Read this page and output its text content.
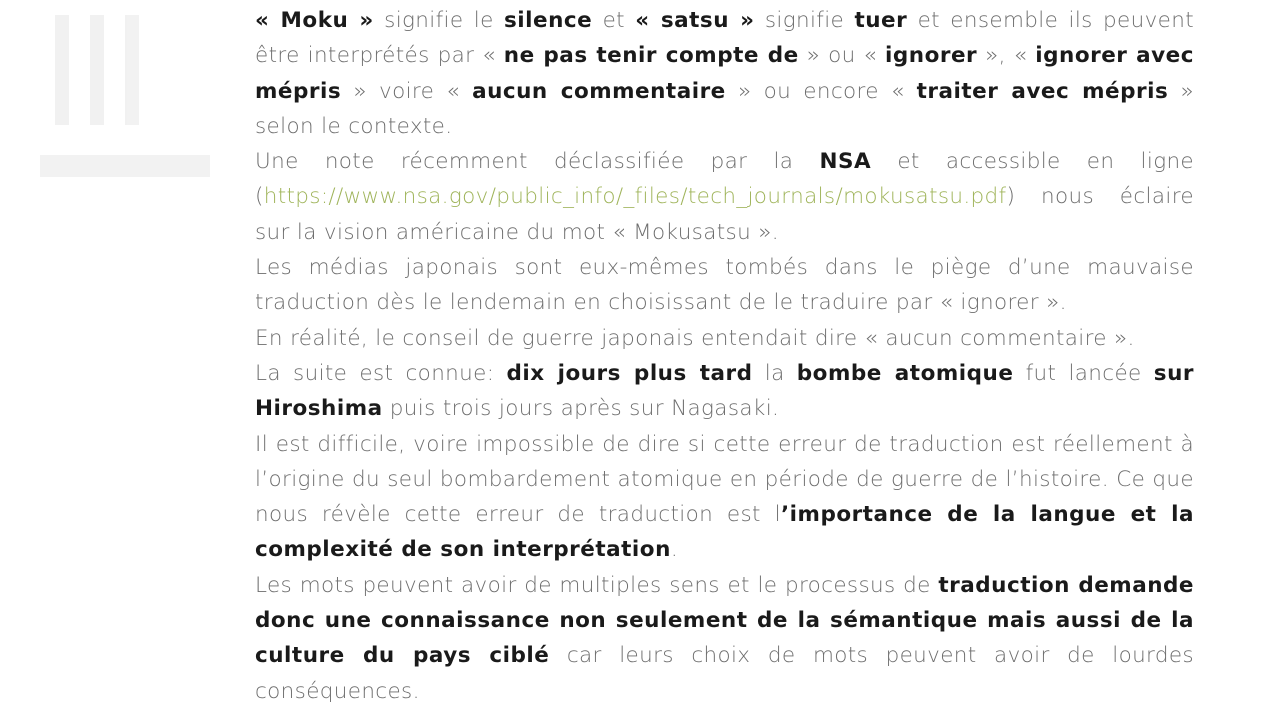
« Moku » signifie le silence et « satsu » signifie tuer et ensemble ils peuvent être interprétés par « ne pas tenir compte de » ou « ignorer », « ignorer avec mépris » voire « aucun commentaire » ou encore « traiter avec mépris » selon le contexte.

Une note récemment déclassifiée par la NSA et accessible en ligne (https://www.nsa.gov/public_info/_files/tech_journals/mokusatsu.pdf) nous éclaire sur la vision américaine du mot « Mokusatsu ».

Les médias japonais sont eux-mêmes tombés dans le piège d’une mauvaise traduction dès le lendemain en choisissant de le traduire par « ignorer ».

En réalité, le conseil de guerre japonais entendait dire « aucun commentaire ».

La suite est connue: dix jours plus tard la bombe atomique fut lancée sur Hiroshima puis trois jours après sur Nagasaki.

Il est difficile, voire impossible de dire si cette erreur de traduction est réellement à l’origine du seul bombardement atomique en période de guerre de l’histoire. Ce que nous révèle cette erreur de traduction est l’importance de la langue et la complexité de son interprétation.

Les mots peuvent avoir de multiples sens et le processus de traduction demande donc une connaissance non seulement de la sémantique mais aussi de la culture du pays ciblé car leurs choix de mots peuvent avoir de lourdes conséquences.
